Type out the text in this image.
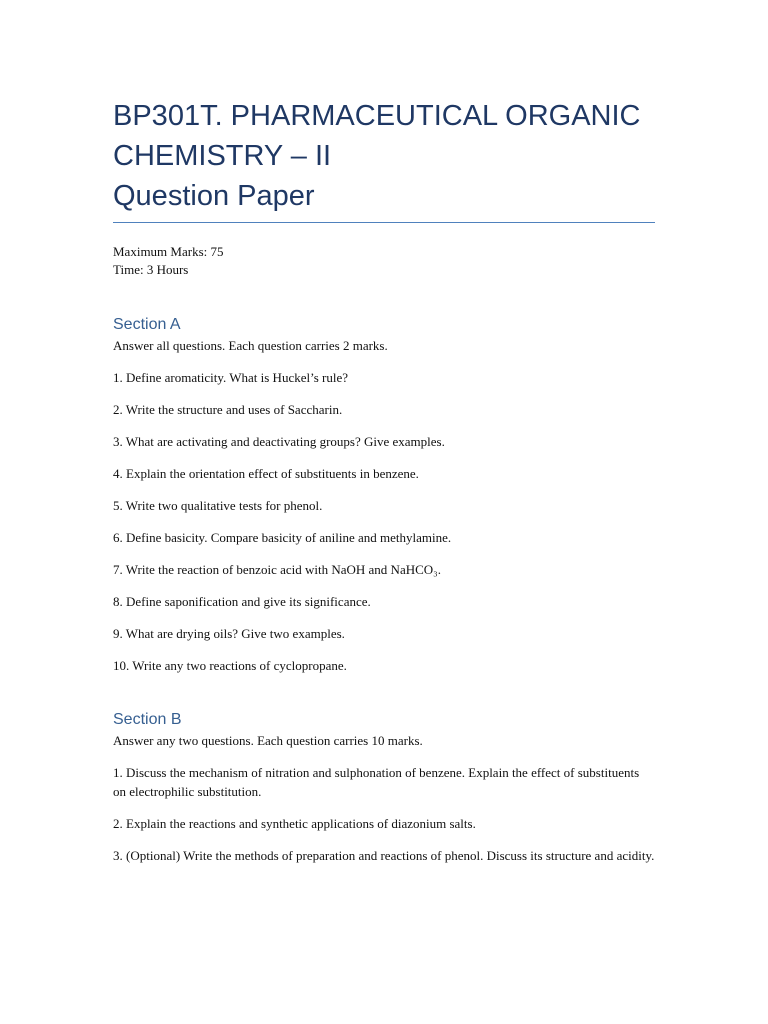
BP301T. PHARMACEUTICAL ORGANIC
CHEMISTRY – II
Question Paper

Maximum Marks: 75

Time: 3 Hours

Section A

Answer all questions. Each question carries 2 marks.

1. Define aromaticity. What is Huckel’s rule?

2. Write the structure and uses of Saccharin.

3. What are activating and deactivating groups? Give examples.

4. Explain the orientation effect of substituents in benzene.

5. Write two qualitative tests for phenol.

6. Define basicity. Compare basicity of aniline and methylamine.

7. Write the reaction of benzoic acid with NaOH and NaHCO₃.

8. Define saponification and give its significance.

9. What are drying oils? Give two examples.

10. Write any two reactions of cyclopropane.

Section B

Answer any two questions. Each question carries 10 marks.

1. Discuss the mechanism of nitration and sulphonation of benzene. Explain the effect of substituents on electrophilic substitution.

2. Explain the reactions and synthetic applications of diazonium salts.

3. (Optional) Write the methods of preparation and reactions of phenol. Discuss its structure and acidity.
